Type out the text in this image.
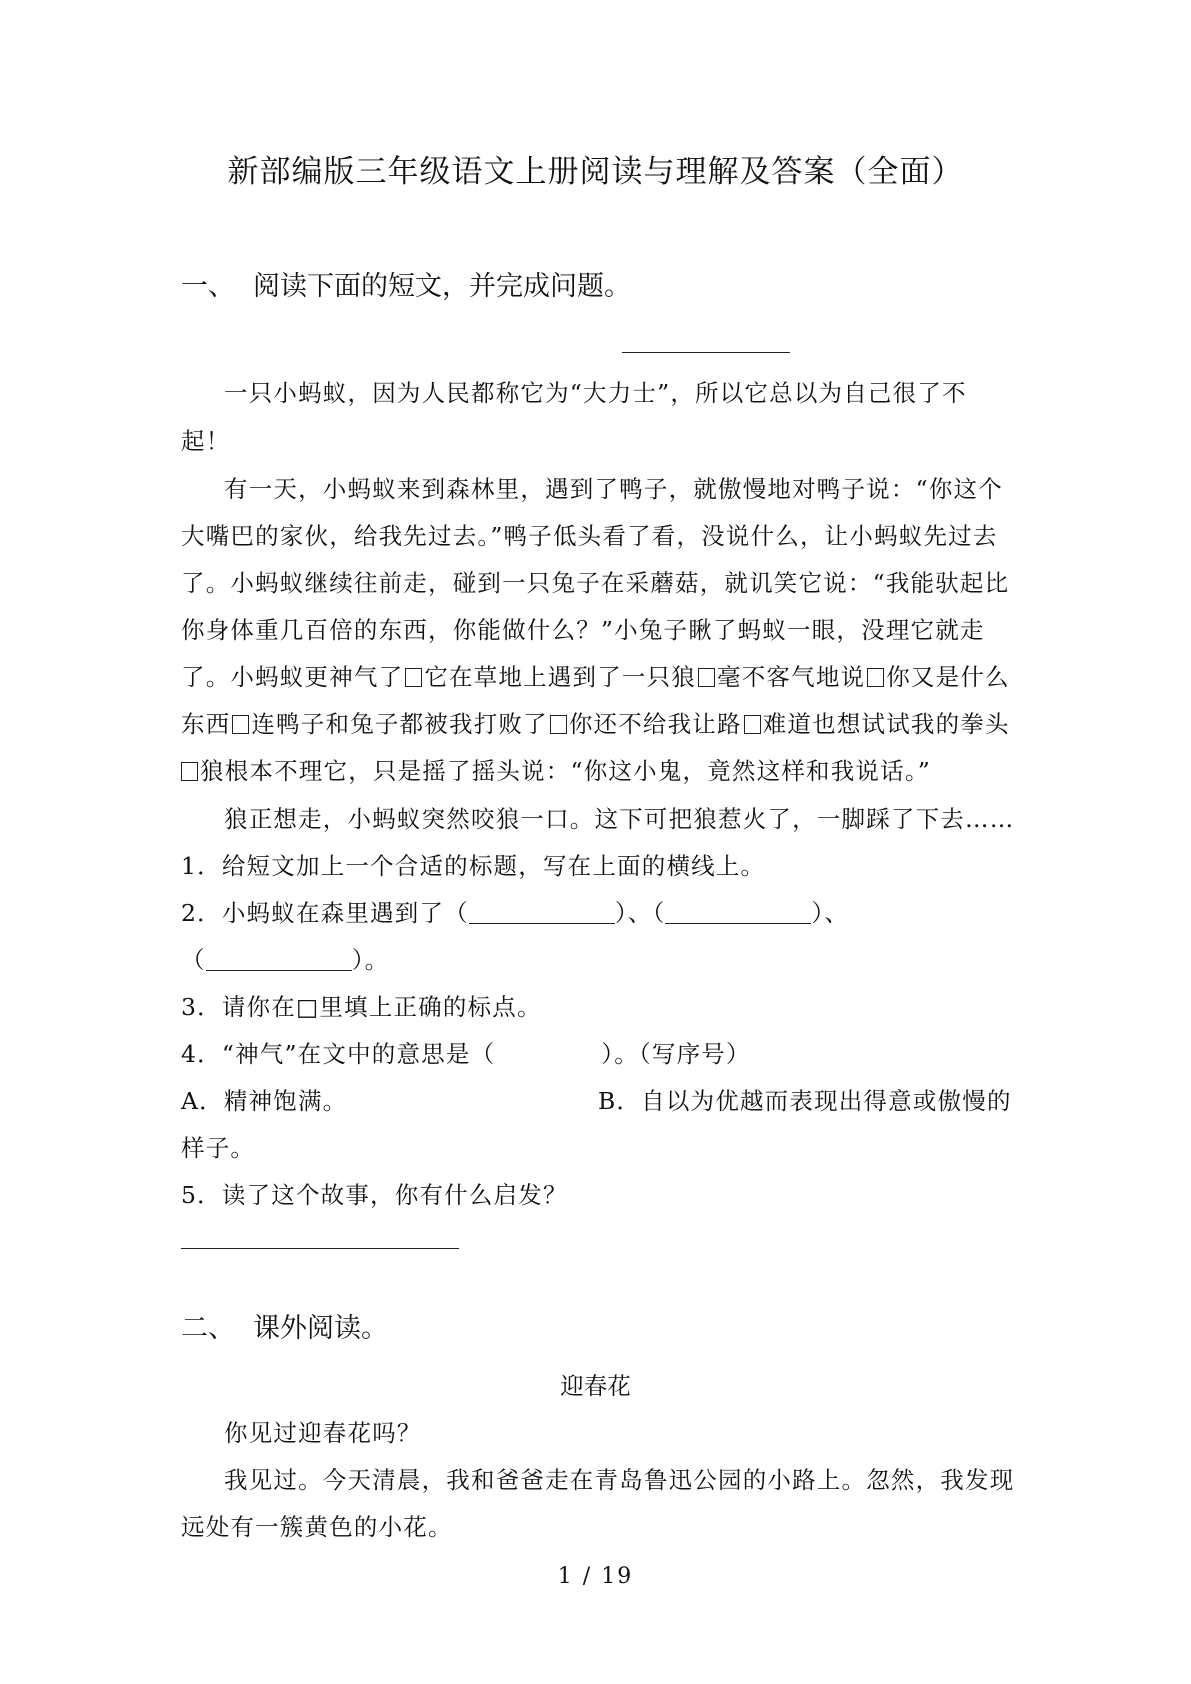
新部编版三年级语文上册阅读与理解及答案（全面）
一、 阅读下面的短文，并完成问题。
一只小蚂蚁，因为人民都称它为“大力士”，所以它总以为自己很了不
起！
有一天，小蚂蚁来到森林里，遇到了鸭子，就傲慢地对鸭子说：“你这个
大嘴巴的家伙，给我先过去。”鸭子低头看了看，没说什么，让小蚂蚁先过去
了。小蚂蚁继续往前走，碰到一只兔子在采蘑菇，就讥笑它说：“我能驮起比
你身体重几百倍的东西，你能做什么？”小兔子瞅了蚂蚁一眼，没理它就走
了。小蚂蚁更神气了 它在草地上遇到了一只狼 毫不客气地说 你又是什么
东西 连鸭子和兔子都被我打败了 你还不给我让路 难道也想试试我的拳头
狼根本不理它，只是摇了摇头说：“你这小鬼，竟然这样和我说话。”
狼正想走，小蚂蚁突然咬狼一口。这下可把狼惹火了，一脚踩了下去……
1．给短文加上一个合适的标题，写在上面的横线上。
2．小蚂蚁在森里遇到了（	）、（	）、
（	）。
3．请你在□里填上正确的标点。
4．“神气”在文中的意思是（	）。（写序号）
A．精神饱满。	B．自以为优越而表现出得意或傲慢的
样子。
5．读了这个故事，你有什么启发？
二、 课外阅读。
迎春花
你见过迎春花吗？
我见过。今天清晨，我和爸爸走在青岛鲁迅公园的小路上。忽然，我发现
远处有一簇黄色的小花。
1 / 19
